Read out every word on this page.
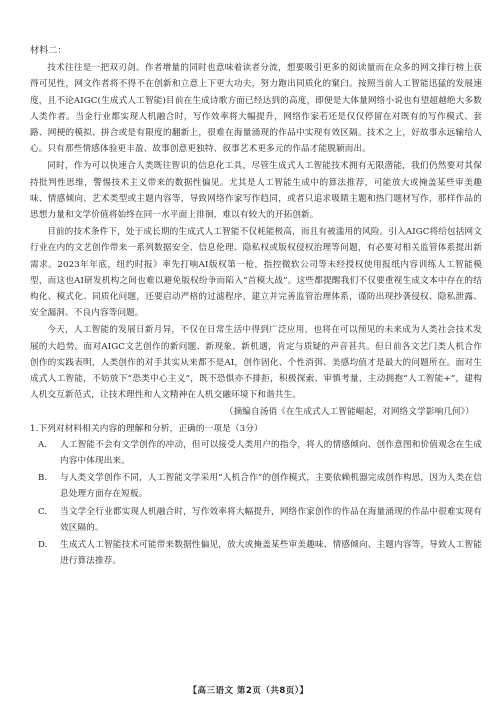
材料二：

技术往往是一把双刃剑。作者增量的同时也意味着读者分流，想要吸引更多的阅读量而在众多的网文排行榜上获得可见性，网文作者将不得不在创新和立意上下更大功夫，努力跑出同质化的窠臼。按照当前人工智能迅猛的发展速度，且不论AIGC(生成式人工智能)目前在生成诗歌方面已经达到的高度，即便是大体量网络小说也有望超越绝大多数人类作者。当金行业都实现人机融合时，写作效率将大幅提升，网络作家若还是仅仅停留在对既有的写作模式、套路、网梗的模拟、拼合或是有限度的翻新上，很难在海量涌现的作品中实现有效区隔。技术之上，好故事永远输给人心。只有那些情感体验更丰盈、故事创意更独特、叙事艺术更多元的作品才能脱颖而出。

同时，作为可以快速合人类既往智识的信息化工具，尽管生成式人工智能技术拥有无限潜能，我们仍然要对其保持批判性思维，警惕技术主义带来的数据性偏见。尤其是人工智能生成中的算法推荐，可能放大或掩盖某些审美趣味、情感倾向、艺术类型或主题内容等，导致网络作家写作趋同，或者只追求吸睛主题和热门题材写作，那样作品的思想力量和文学价值将始终在同一水平面上徘徊，难以有较大的开拓创新。

目前的技术条件下，处于成长期的生成式人工智能不仅耗能极高，而且有被滥用的风险。引入AIGC将给包括网文行业在内的文艺创作带来一系列数据安全、信息伦理、隐私权或版权侵权治理等问题，有必要对相关监管体系提出新需求。2023年年底，纽约时报》率先打响AI版权第一枪，指控微软公司等未经授权使用报纸内容训练人工智能模型，而这也AI研发机构之间也难以避免版权纷争而陷入“首模大战”。这些都提醒我们不仅要重视生成文本中存在的结构化、模式化、同质化问题，还要启动严格的过滤程序，建立并完善监管治理体系，谨防出现抄袭侵权、隐私泄露、安全漏洞、不良内容等问题。

今天，人工智能的发展日新月异，不仅在日常生活中得到广泛应用，也将在可以预见的未来成为人类社会技术发展的大趋势。面对AIGC文艺创作的新问题、新现象、新机遇，肯定与质疑的声音甚共。但日前各文艺门类人机合作创作的实践表明，人类创作的对手其实从来都不是AI，创作固化、个性消弭、美感均值才是最大的问题所在。面对生成式人工智能，不妨放下“恐类中心主义”，既不恐惧亦不排拒，积极探索、审慎考量，主动拥抱“人工智能+”，建构人机交互新范式，让技术理性和人文精神在人机交融环境下和谐共生。

（摘编自汤俏《在生成式人工智能崛起，对网络文学影响几何》）

1.下列对材料相关内容的理解和分析，正确的一项是（3分）

A. 人工智能不会有文学创作的冲动，但可以接受人类用户的指令，将人的情感倾向、创作意图和价值观念在生成内容中体现出来。

B. 与人类文学创作不同，人工智能文学采用“人机合作”的创作模式，主要依赖机器完成创作构思，因为人类在信息处理方面存在短板。

C. 当文学全行业都实现人机融合时，写作效率将大幅提升，网络作家创作的作品在海量涌现的作品中很难实现有效区隔的。

D. 生成式人工智能技术可能带来数据性偏见，放大或掩盖某些审美趣味、情感倾向、主题内容等，导致人工智能进行算法推荐。

【高三语文 第2页（共8页）】
